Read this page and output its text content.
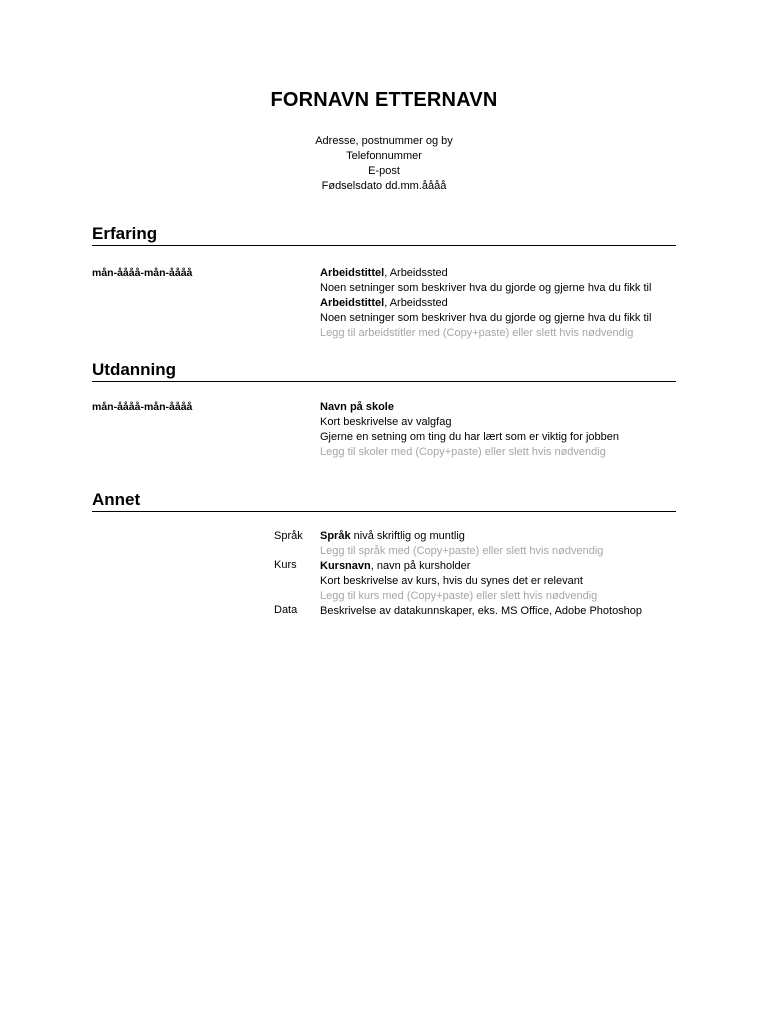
FORNAVN ETTERNAVN
Adresse, postnummer og by
Telefonnummer
E-post
Fødselsdato dd.mm.åååå
Erfaring
mån-åååå-mån-åååå	Arbeidstittel, Arbeidssted
Noen setninger som beskriver hva du gjorde og gjerne hva du fikk til
Arbeidstittel, Arbeidssted
Noen setninger som beskriver hva du gjorde og gjerne hva du fikk til
Legg til arbeidstitler med (Copy+paste) eller slett hvis nødvendig
Utdanning
mån-åååå-mån-åååå	Navn på skole
Kort beskrivelse av valgfag
Gjerne en setning om ting du har lært som er viktig for jobben
Legg til skoler med (Copy+paste) eller slett hvis nødvendig
Annet
Språk
Kurs
Data
Språk nivå skriftlig og muntlig
Legg til språk med (Copy+paste) eller slett hvis nødvendig
Kursnavn, navn på kursholder
Kort beskrivelse av kurs, hvis du synes det er relevant
Legg til kurs med (Copy+paste) eller slett hvis nødvendig
Beskrivelse av datakunnskaper, eks. MS Office, Adobe Photoshop
